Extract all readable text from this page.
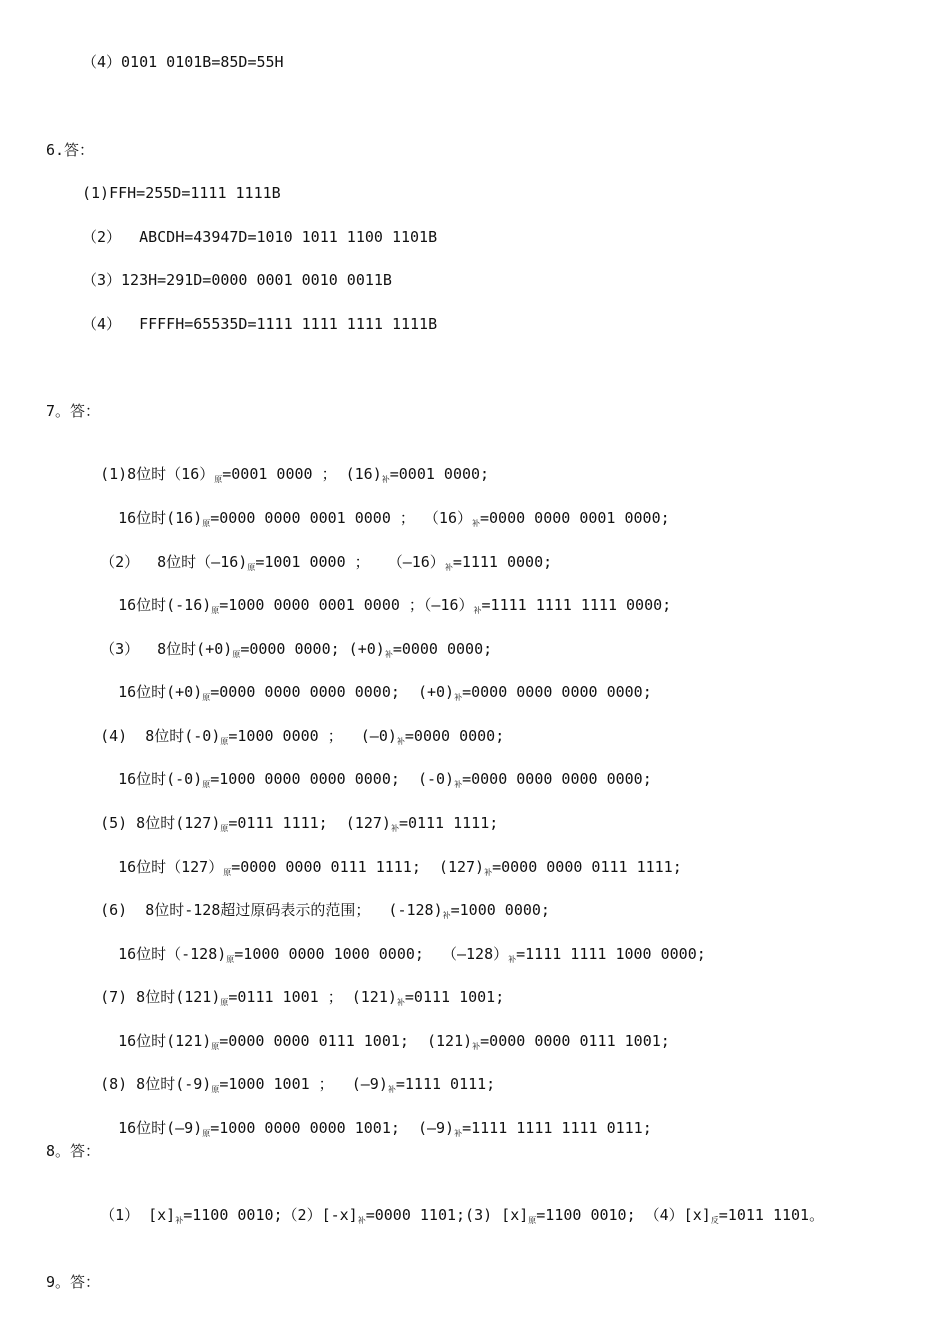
（4）0101 0101B=85D=55H
6.答：
(1)FFH=255D=1111 1111B
（2）  ABCDH=43947D=1010 1011 1100 1101B
（3）123H=291D=0000 0001 0010 0011B
（4）  FFFFH=65535D=1111 1111 1111 1111B
7。答：

(1)8位时$(16)_原=0001$ 0000 ； $(16)_补=0001$ 0000;

16位时$(16)_原=0000$ 0000 0001 0000 ； $(16)_补=0000$ 0000 0001 0000;

（2）  8位时$(—16)_原=1001$ 0000 ；  $(—16)_补=1111$ 0000;

16位时$(-16)_原=1000$ 0000 0001 0000 ；$(—16)_补=1111$ 1111 1111 0000;

（3）  8位时$(+0)_原=0000$ 0000; $(+0)_补=0000$ 0000;

16位时$(+0)_原=0000$ 0000 0000 0000;  $(+0)_补=0000$ 0000 0000 0000;

(4)  8位时$(-0)_原=1000$ 0000 ；  $(—0)_补=0000$ 0000;

16位时$(-0)_原=1000$ 0000 0000 0000;  $(-0)_补=0000$ 0000 0000 0000;

(5) 8位时$(127)_原=0111$ 1111;  $(127)_补=0111$ 1111;

16位时$(127)_原=0000$ 0000 0111 1111;  $(127)_补=0000$ 0000 0111 1111;

(6)  8位时-128超过原码表示的范围；  $(-128)_补=1000$ 0000;

16位时$(-128)_原=1000$ 0000 1000 0000;  $(—128)_补=1111$ 1111 1000 0000;

(7) 8位时$(121)_原=0111$ 1001 ； $(121)_补=0111$ 1001;

16位时$(121)_原=0000$ 0000 0111 1001;  $(121)_补=0000$ 0000 0111 1001;

(8) 8位时$(-9)_原=1000$ 1001 ；  $(—9)_补=1111$ 0111;

16位时$(—9)_原=1000$ 0000 0000 1001;  $(—9)_补=1111$ 1111 1111 0111;

8。答：

（1） $[x]_补=1100$ $0010;(2)[-x]_补=0000$ 1101;(3) $[x]_原=1100$ 0010; $(4)[x]_反=1011$ 1101。

9。答：
